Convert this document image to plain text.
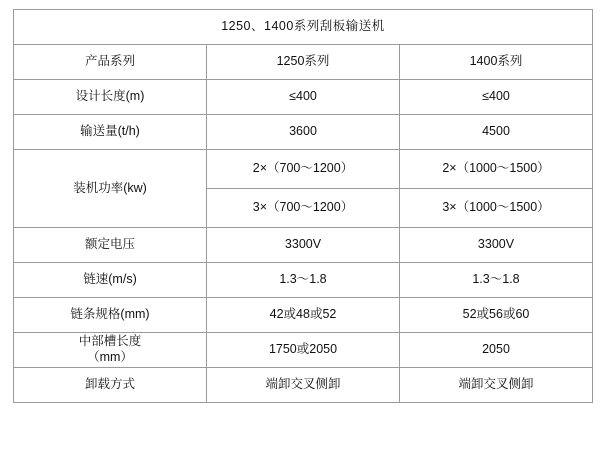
1250、1400系列刮板输送机		
产品系列	1250系列	1400系列
设计长度(m)	≤400	≤400
输送量(t/h)	3600	4500
装机功率(kw)	2×（700～1200）	2×（1000～1500）
	3×（700～1200）	3×（1000～1500）
额定电压	3300V	3300V
链速(m/s)	1.3～1.8	1.3～1.8
链条规格(mm)	42或48或52	52或56或60

中部槽长度
（mm）	1750或2050	2050
卸载方式	端卸交叉侧卸	端卸交叉侧卸
